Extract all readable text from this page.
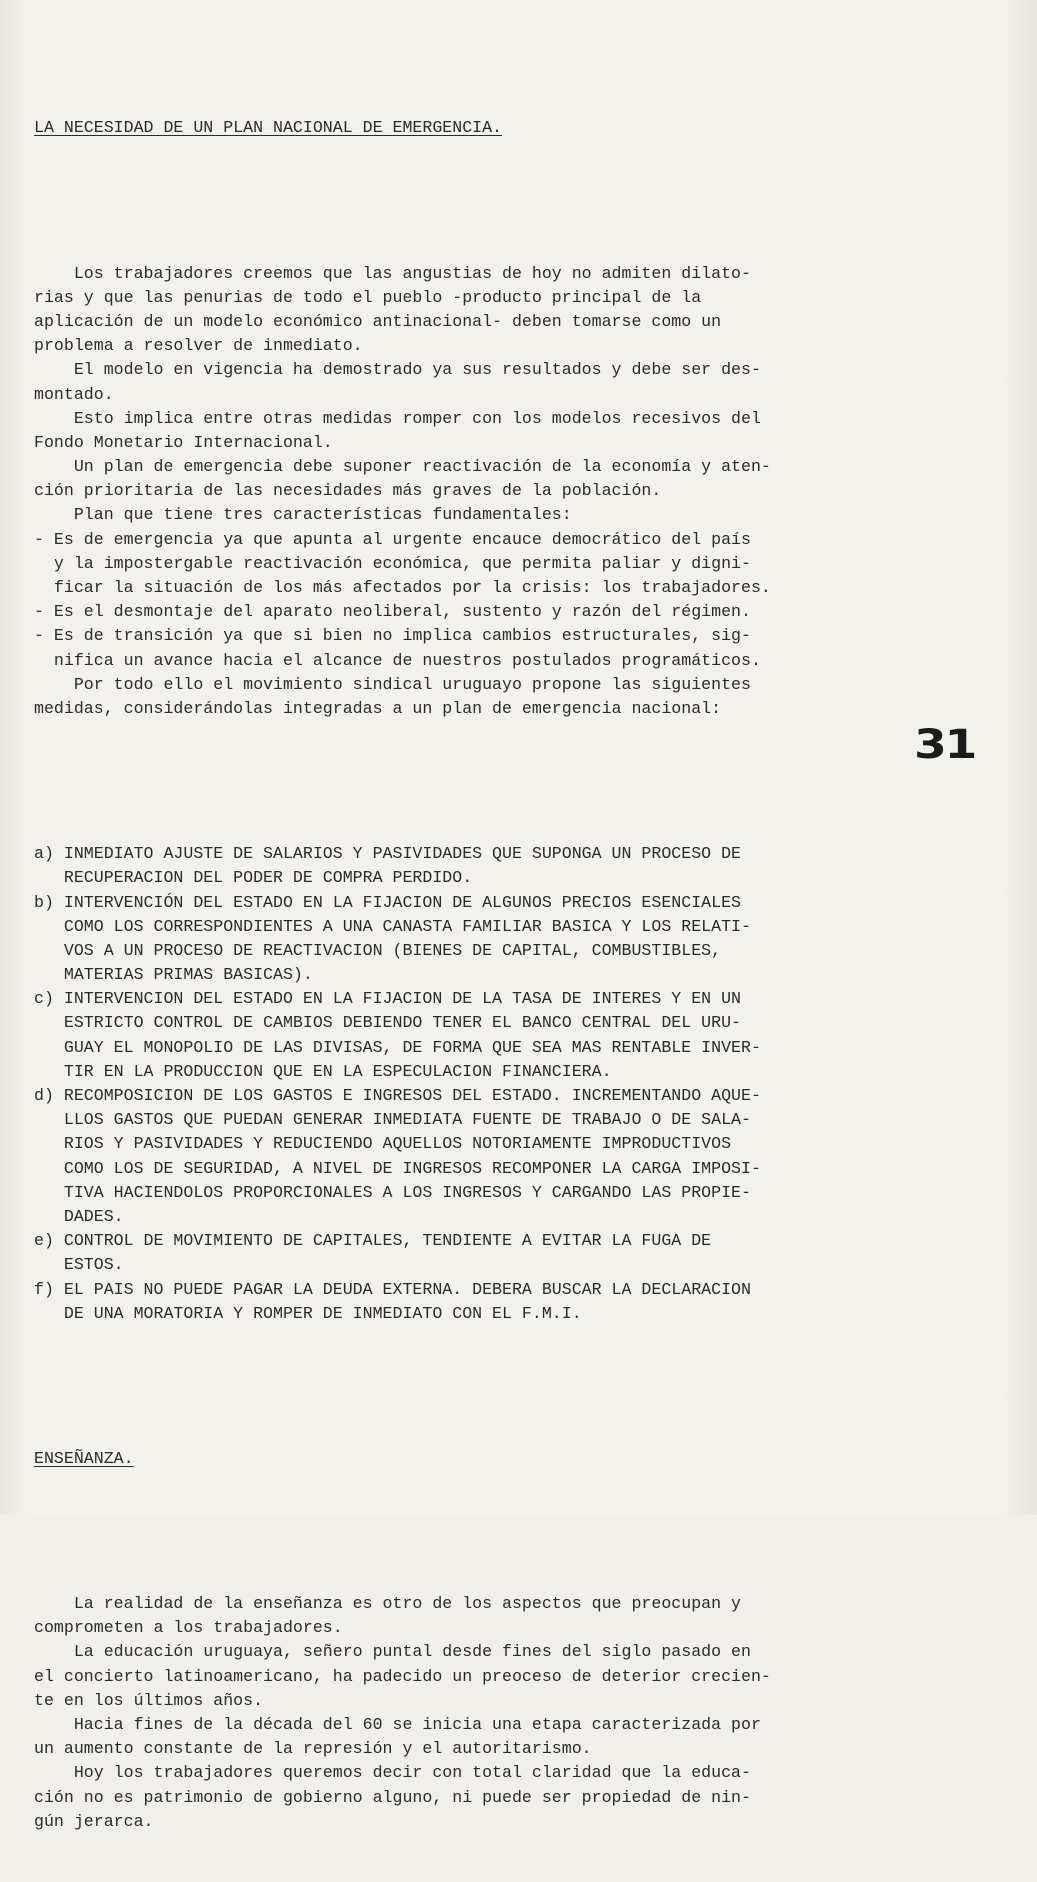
LA NECESIDAD DE UN PLAN NACIONAL DE EMERGENCIA.

Los trabajadores creemos que las angustias de hoy no admiten dilato-
rias y que las penurias de todo el pueblo -producto principal de la
aplicación de un modelo económico antinacional- deben tomarse como un
problema a resolver de inmediato.
El modelo en vigencia ha demostrado ya sus resultados y debe ser des-
montado.
Esto implica entre otras medidas romper con los modelos recesivos del
Fondo Monetario Internacional.
Un plan de emergencia debe suponer reactivación de la economía y aten-
ción prioritaria de las necesidades más graves de la población.
Plan que tiene tres características fundamentales:
- Es de emergencia ya que apunta al urgente encauce democrático del país
y la impostergable reactivación económica, que permita paliar y digni-
ficar la situación de los más afectados por la crisis: los trabajadores.
- Es el desmontaje del aparato neoliberal, sustento y razón del régimen.
- Es de transición ya que si bien no implica cambios estructurales, sig-
nifica un avance hacia el alcance de nuestros postulados programáticos.
Por todo ello el movimiento sindical uruguayo propone las siguientes
medidas, considerándolas integradas a un plan de emergencia nacional:

a) INMEDIATO AJUSTE DE SALARIOS Y PASIVIDADES QUE SUPONGA UN PROCESO DE
RECUPERACION DEL PODER DE COMPRA PERDIDO.
b) INTERVENCIÓN DEL ESTADO EN LA FIJACION DE ALGUNOS PRECIOS ESENCIALES
COMO LOS CORRESPONDIENTES A UNA CANASTA FAMILIAR BASICA Y LOS RELATI-
VOS A UN PROCESO DE REACTIVACION (BIENES DE CAPITAL, COMBUSTIBLES,
MATERIAS PRIMAS BASICAS).
c) INTERVENCION DEL ESTADO EN LA FIJACION DE LA TASA DE INTERES Y EN UN
ESTRICTO CONTROL DE CAMBIOS DEBIENDO TENER EL BANCO CENTRAL DEL URU-
GUAY EL MONOPOLIO DE LAS DIVISAS, DE FORMA QUE SEA MAS RENTABLE INVER-
TIR EN LA PRODUCCION QUE EN LA ESPECULACION FINANCIERA.
d) RECOMPOSICION DE LOS GASTOS E INGRESOS DEL ESTADO. INCREMENTANDO AQUE-
LLOS GASTOS QUE PUEDAN GENERAR INMEDIATA FUENTE DE TRABAJO O DE SALA-
RIOS Y PASIVIDADES Y REDUCIENDO AQUELLOS NOTORIAMENTE IMPRODUCTIVOS
COMO LOS DE SEGURIDAD, A NIVEL DE INGRESOS RECOMPONER LA CARGA IMPOSI-
TIVA HACIENDOLOS PROPORCIONALES A LOS INGRESOS Y CARGANDO LAS PROPIE-
DADES.
e) CONTROL DE MOVIMIENTO DE CAPITALES, TENDIENTE A EVITAR LA FUGA DE
ESTOS.
f) EL PAIS NO PUEDE PAGAR LA DEUDA EXTERNA. DEBERA BUSCAR LA DECLARACION
DE UNA MORATORIA Y ROMPER DE INMEDIATO CON EL F.M.I.

ENSEÑANZA.

La realidad de la enseñanza es otro de los aspectos que preocupan y
comprometen a los trabajadores.
La educación uruguaya, señero puntal desde fines del siglo pasado en
el concierto latinoamericano, ha padecido un preoceso de deterior crecien-
te en los últimos años.
Hacia fines de la década del 60 se inicia una etapa caracterizada por
un aumento constante de la represión y el autoritarismo.
Hoy los trabajadores queremos decir con total claridad que la educa-
ción no es patrimonio de gobierno alguno, ni puede ser propiedad de nin-
gún jerarca.

31
